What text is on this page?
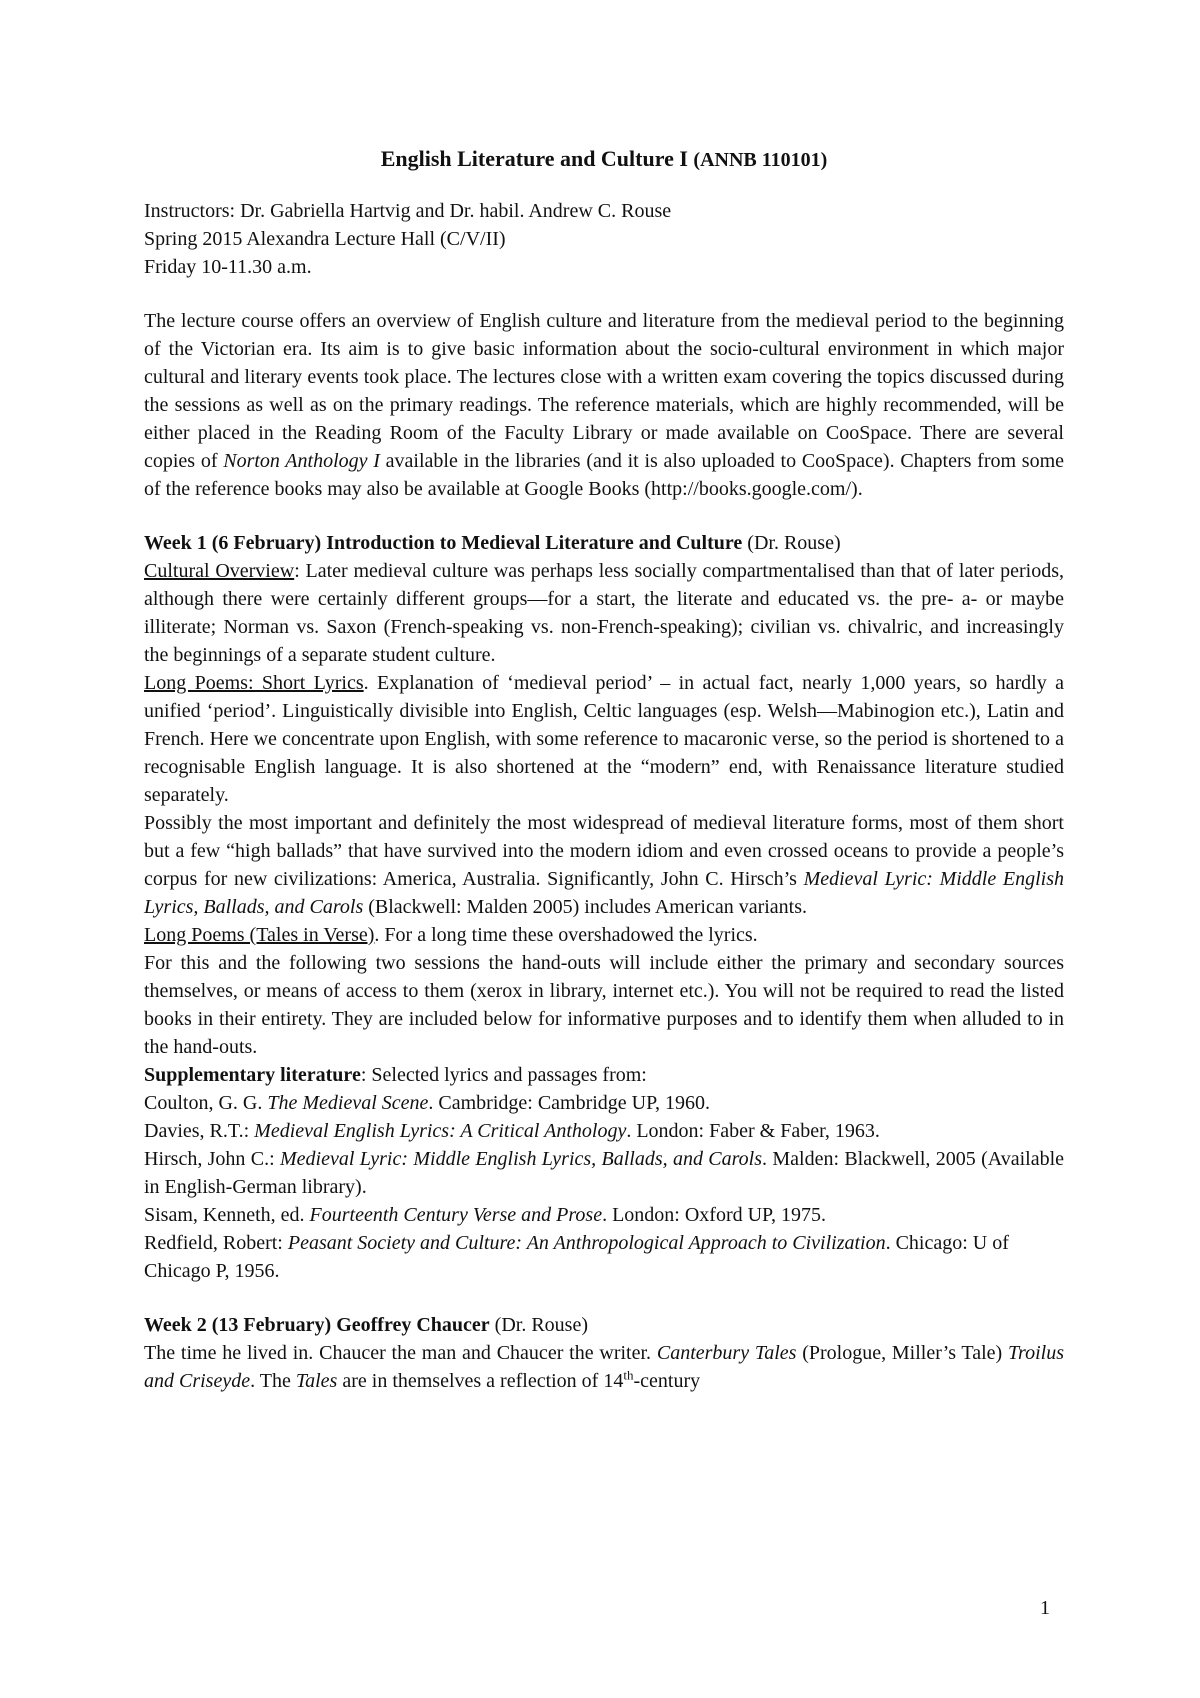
English Literature and Culture I (ANNB 110101)

Instructors: Dr. Gabriella Hartvig and Dr. habil. Andrew C. Rouse

Spring 2015 Alexandra Lecture Hall (C/V/II)

Friday 10-11.30 a.m.

The lecture course offers an overview of English culture and literature from the medieval period to the beginning of the Victorian era. Its aim is to give basic information about the socio-cultural environment in which major cultural and literary events took place. The lectures close with a written exam covering the topics discussed during the sessions as well as on the primary readings. The reference materials, which are highly recommended, will be either placed in the Reading Room of the Faculty Library or made available on CooSpace. There are several copies of Norton Anthology I available in the libraries (and it is also uploaded to CooSpace). Chapters from some of the reference books may also be available at Google Books (http://books.google.com/).

Week 1 (6 February) Introduction to Medieval Literature and Culture (Dr. Rouse)

Cultural Overview: Later medieval culture was perhaps less socially compartmentalised than that of later periods, although there were certainly different groups—for a start, the literate and educated vs. the pre- a- or maybe illiterate; Norman vs. Saxon (French-speaking vs. non-French-speaking); civilian vs. chivalric, and increasingly the beginnings of a separate student culture.

Long Poems: Short Lyrics. Explanation of ‘medieval period’ – in actual fact, nearly 1,000 years, so hardly a unified ‘period’. Linguistically divisible into English, Celtic languages (esp. Welsh—Mabinogion etc.), Latin and French. Here we concentrate upon English, with some reference to macaronic verse, so the period is shortened to a recognisable English language. It is also shortened at the “modern” end, with Renaissance literature studied separately.

Possibly the most important and definitely the most widespread of medieval literature forms, most of them short but a few “high ballads” that have survived into the modern idiom and even crossed oceans to provide a people’s corpus for new civilizations: America, Australia. Significantly, John C. Hirsch’s Medieval Lyric: Middle English Lyrics, Ballads, and Carols (Blackwell: Malden 2005) includes American variants.

Long Poems (Tales in Verse). For a long time these overshadowed the lyrics.

For this and the following two sessions the hand-outs will include either the primary and secondary sources themselves, or means of access to them (xerox in library, internet etc.). You will not be required to read the listed books in their entirety. They are included below for informative purposes and to identify them when alluded to in the hand-outs.

Supplementary literature: Selected lyrics and passages from:

Coulton, G. G. The Medieval Scene. Cambridge: Cambridge UP, 1960.

Davies, R.T.: Medieval English Lyrics: A Critical Anthology. London: Faber & Faber, 1963.

Hirsch, John C.: Medieval Lyric: Middle English Lyrics, Ballads, and Carols. Malden: Blackwell, 2005 (Available in English-German library).

Sisam, Kenneth, ed. Fourteenth Century Verse and Prose. London: Oxford UP, 1975.

Redfield, Robert: Peasant Society and Culture: An Anthropological Approach to Civilization. Chicago: U of Chicago P, 1956.

Week 2 (13 February) Geoffrey Chaucer (Dr. Rouse)

The time he lived in. Chaucer the man and Chaucer the writer. Canterbury Tales (Prologue, Miller’s Tale) Troilus and Criseyde. The Tales are in themselves a reflection of 14th-century

1
